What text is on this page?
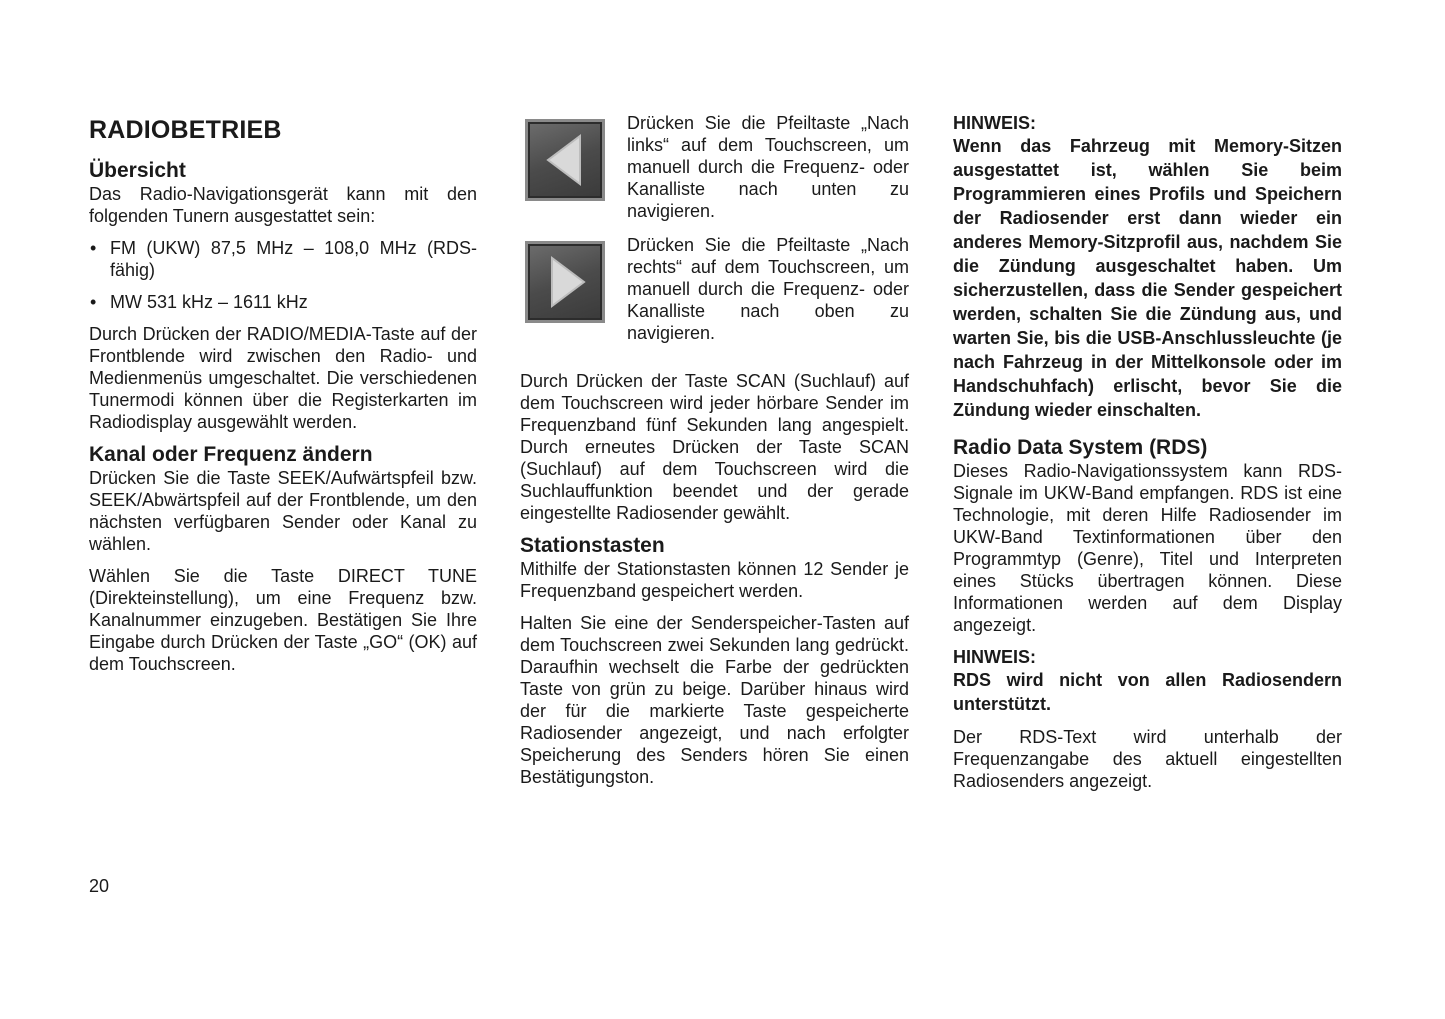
RADIOBETRIEB
Übersicht

Das Radio-Navigationsgerät kann mit den folgenden Tunern ausgestattet sein:

• FM (UKW) 87,5 MHz – 108,0 MHz (RDS-fähig)
• MW 531 kHz – 1611 kHz

Durch Drücken der RADIO/MEDIA-Taste auf der Frontblende wird zwischen den Radio- und Medienmenüs umgeschaltet. Die verschiedenen Tunermodi können über die Registerkarten im Radiodisplay ausgewählt werden.

Kanal oder Frequenz ändern

Drücken Sie die Taste SEEK/Aufwärtspfeil bzw. SEEK/Abwärtspfeil auf der Frontblende, um den nächsten verfügbaren Sender oder Kanal zu wählen.

Wählen Sie die Taste DIRECT TUNE (Direkteinstellung), um eine Frequenz bzw. Kanalnummer einzugeben. Bestätigen Sie Ihre Eingabe durch Drücken der Taste „GO“ (OK) auf dem Touchscreen.

Drücken Sie die Pfeiltaste „Nach links“ auf dem Touchscreen, um manuell durch die Frequenz- oder Kanalliste nach unten zu navigieren.

Drücken Sie die Pfeiltaste „Nach rechts“ auf dem Touchscreen, um manuell durch die Frequenz- oder Kanalliste nach oben zu navigieren.

Durch Drücken der Taste SCAN (Suchlauf) auf dem Touchscreen wird jeder hörbare Sender im Frequenzband fünf Sekunden lang angespielt. Durch erneutes Drücken der Taste SCAN (Suchlauf) auf dem Touchscreen wird die Suchlauffunktion beendet und der gerade eingestellte Radiosender gewählt.

Stationstasten

Mithilfe der Stationstasten können 12 Sender je Frequenzband gespeichert werden.

Halten Sie eine der Senderspeicher-Tasten auf dem Touchscreen zwei Sekunden lang gedrückt. Daraufhin wechselt die Farbe der gedrückten Taste von grün zu beige. Darüber hinaus wird der für die markierte Taste gespeicherte Radiosender angezeigt, und nach erfolgter Speicherung des Senders hören Sie einen Bestätigungston.

HINWEIS:

Wenn das Fahrzeug mit Memory-Sitzen ausgestattet ist, wählen Sie beim Programmieren eines Profils und Speichern der Radiosender erst dann wieder ein anderes Memory-Sitzprofil aus, nachdem Sie die Zündung ausgeschaltet haben. Um sicherzustellen, dass die Sender gespeichert werden, schalten Sie die Zündung aus, und warten Sie, bis die USB-Anschlussleuchte (je nach Fahrzeug in der Mittelkonsole oder im Handschuhfach) erlischt, bevor Sie die Zündung wieder einschalten.

Radio Data System (RDS)

Dieses Radio-Navigationssystem kann RDS-Signale im UKW-Band empfangen. RDS ist eine Technologie, mit deren Hilfe Radiosender im UKW-Band Textinformationen über den Programmtyp (Genre), Titel und Interpreten eines Stücks übertragen können. Diese Informationen werden auf dem Display angezeigt.

HINWEIS:

RDS wird nicht von allen Radiosendern unterstützt.

Der RDS-Text wird unterhalb der Frequenzangabe des aktuell eingestellten Radiosenders angezeigt.

20
